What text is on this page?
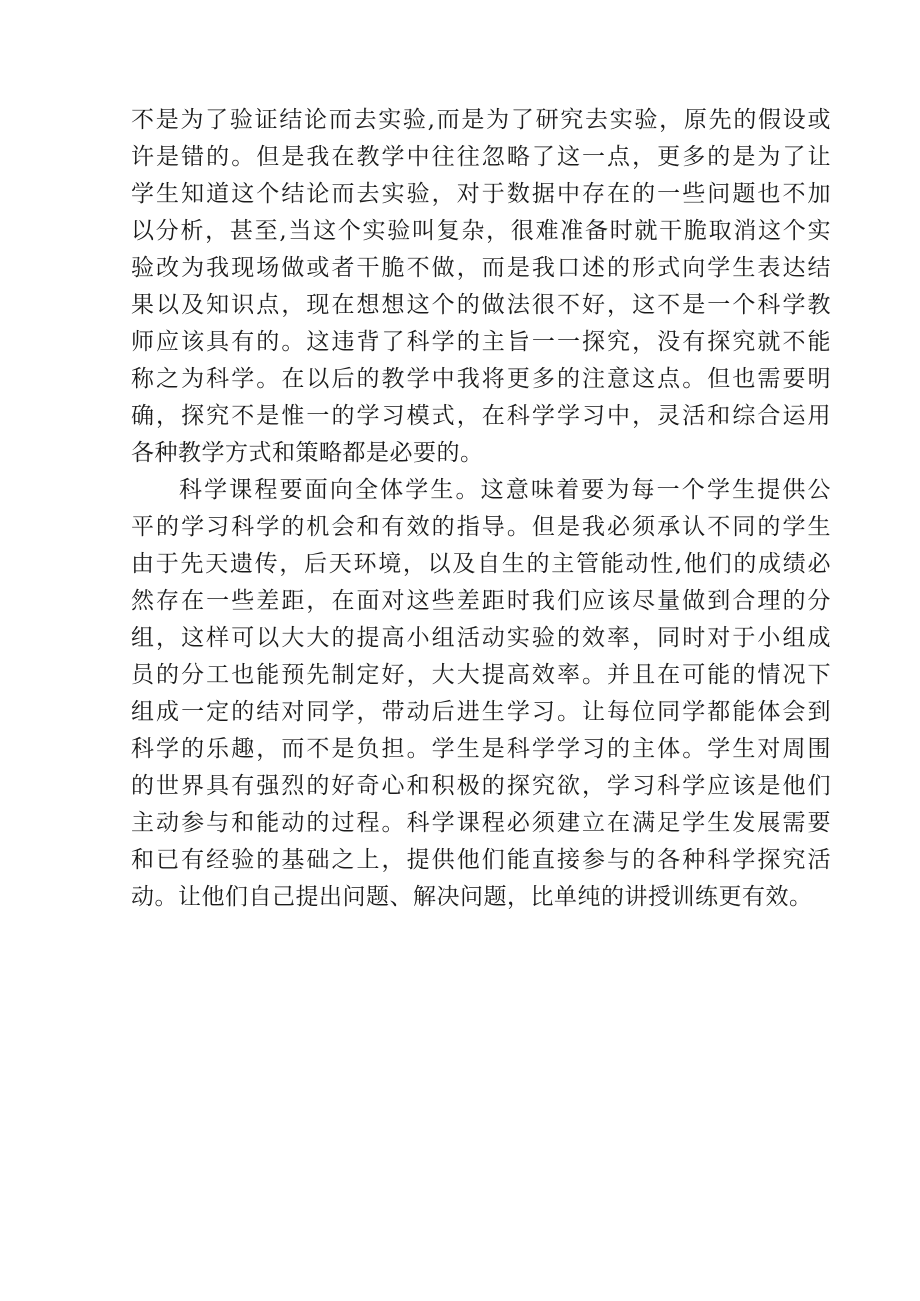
不是为了验证结论而去实验,而是为了研究去实验，原先的假设或
许是错的。但是我在教学中往往忽略了这一点，更多的是为了让
学生知道这个结论而去实验，对于数据中存在的一些问题也不加
以分析，甚至,当这个实验叫复杂，很难准备时就干脆取消这个实
验改为我现场做或者干脆不做，而是我口述的形式向学生表达结
果以及知识点，现在想想这个的做法很不好，这不是一个科学教
师应该具有的。这违背了科学的主旨一一探究，没有探究就不能
称之为科学。在以后的教学中我将更多的注意这点。但也需要明
确，探究不是惟一的学习模式，在科学学习中，灵活和综合运用
各种教学方式和策略都是必要的。
科学课程要面向全体学生。这意味着要为每一个学生提供公
平的学习科学的机会和有效的指导。但是我必须承认不同的学生
由于先天遗传，后天环境，以及自生的主管能动性,他们的成绩必
然存在一些差距，在面对这些差距时我们应该尽量做到合理的分
组，这样可以大大的提高小组活动实验的效率，同时对于小组成
员的分工也能预先制定好，大大提高效率。并且在可能的情况下
组成一定的结对同学，带动后进生学习。让每位同学都能体会到
科学的乐趣，而不是负担。学生是科学学习的主体。学生对周围
的世界具有强烈的好奇心和积极的探究欲，学习科学应该是他们
主动参与和能动的过程。科学课程必须建立在满足学生发展需要
和已有经验的基础之上，提供他们能直接参与的各种科学探究活
动。让他们自己提出问题、解决问题，比单纯的讲授训练更有效。
